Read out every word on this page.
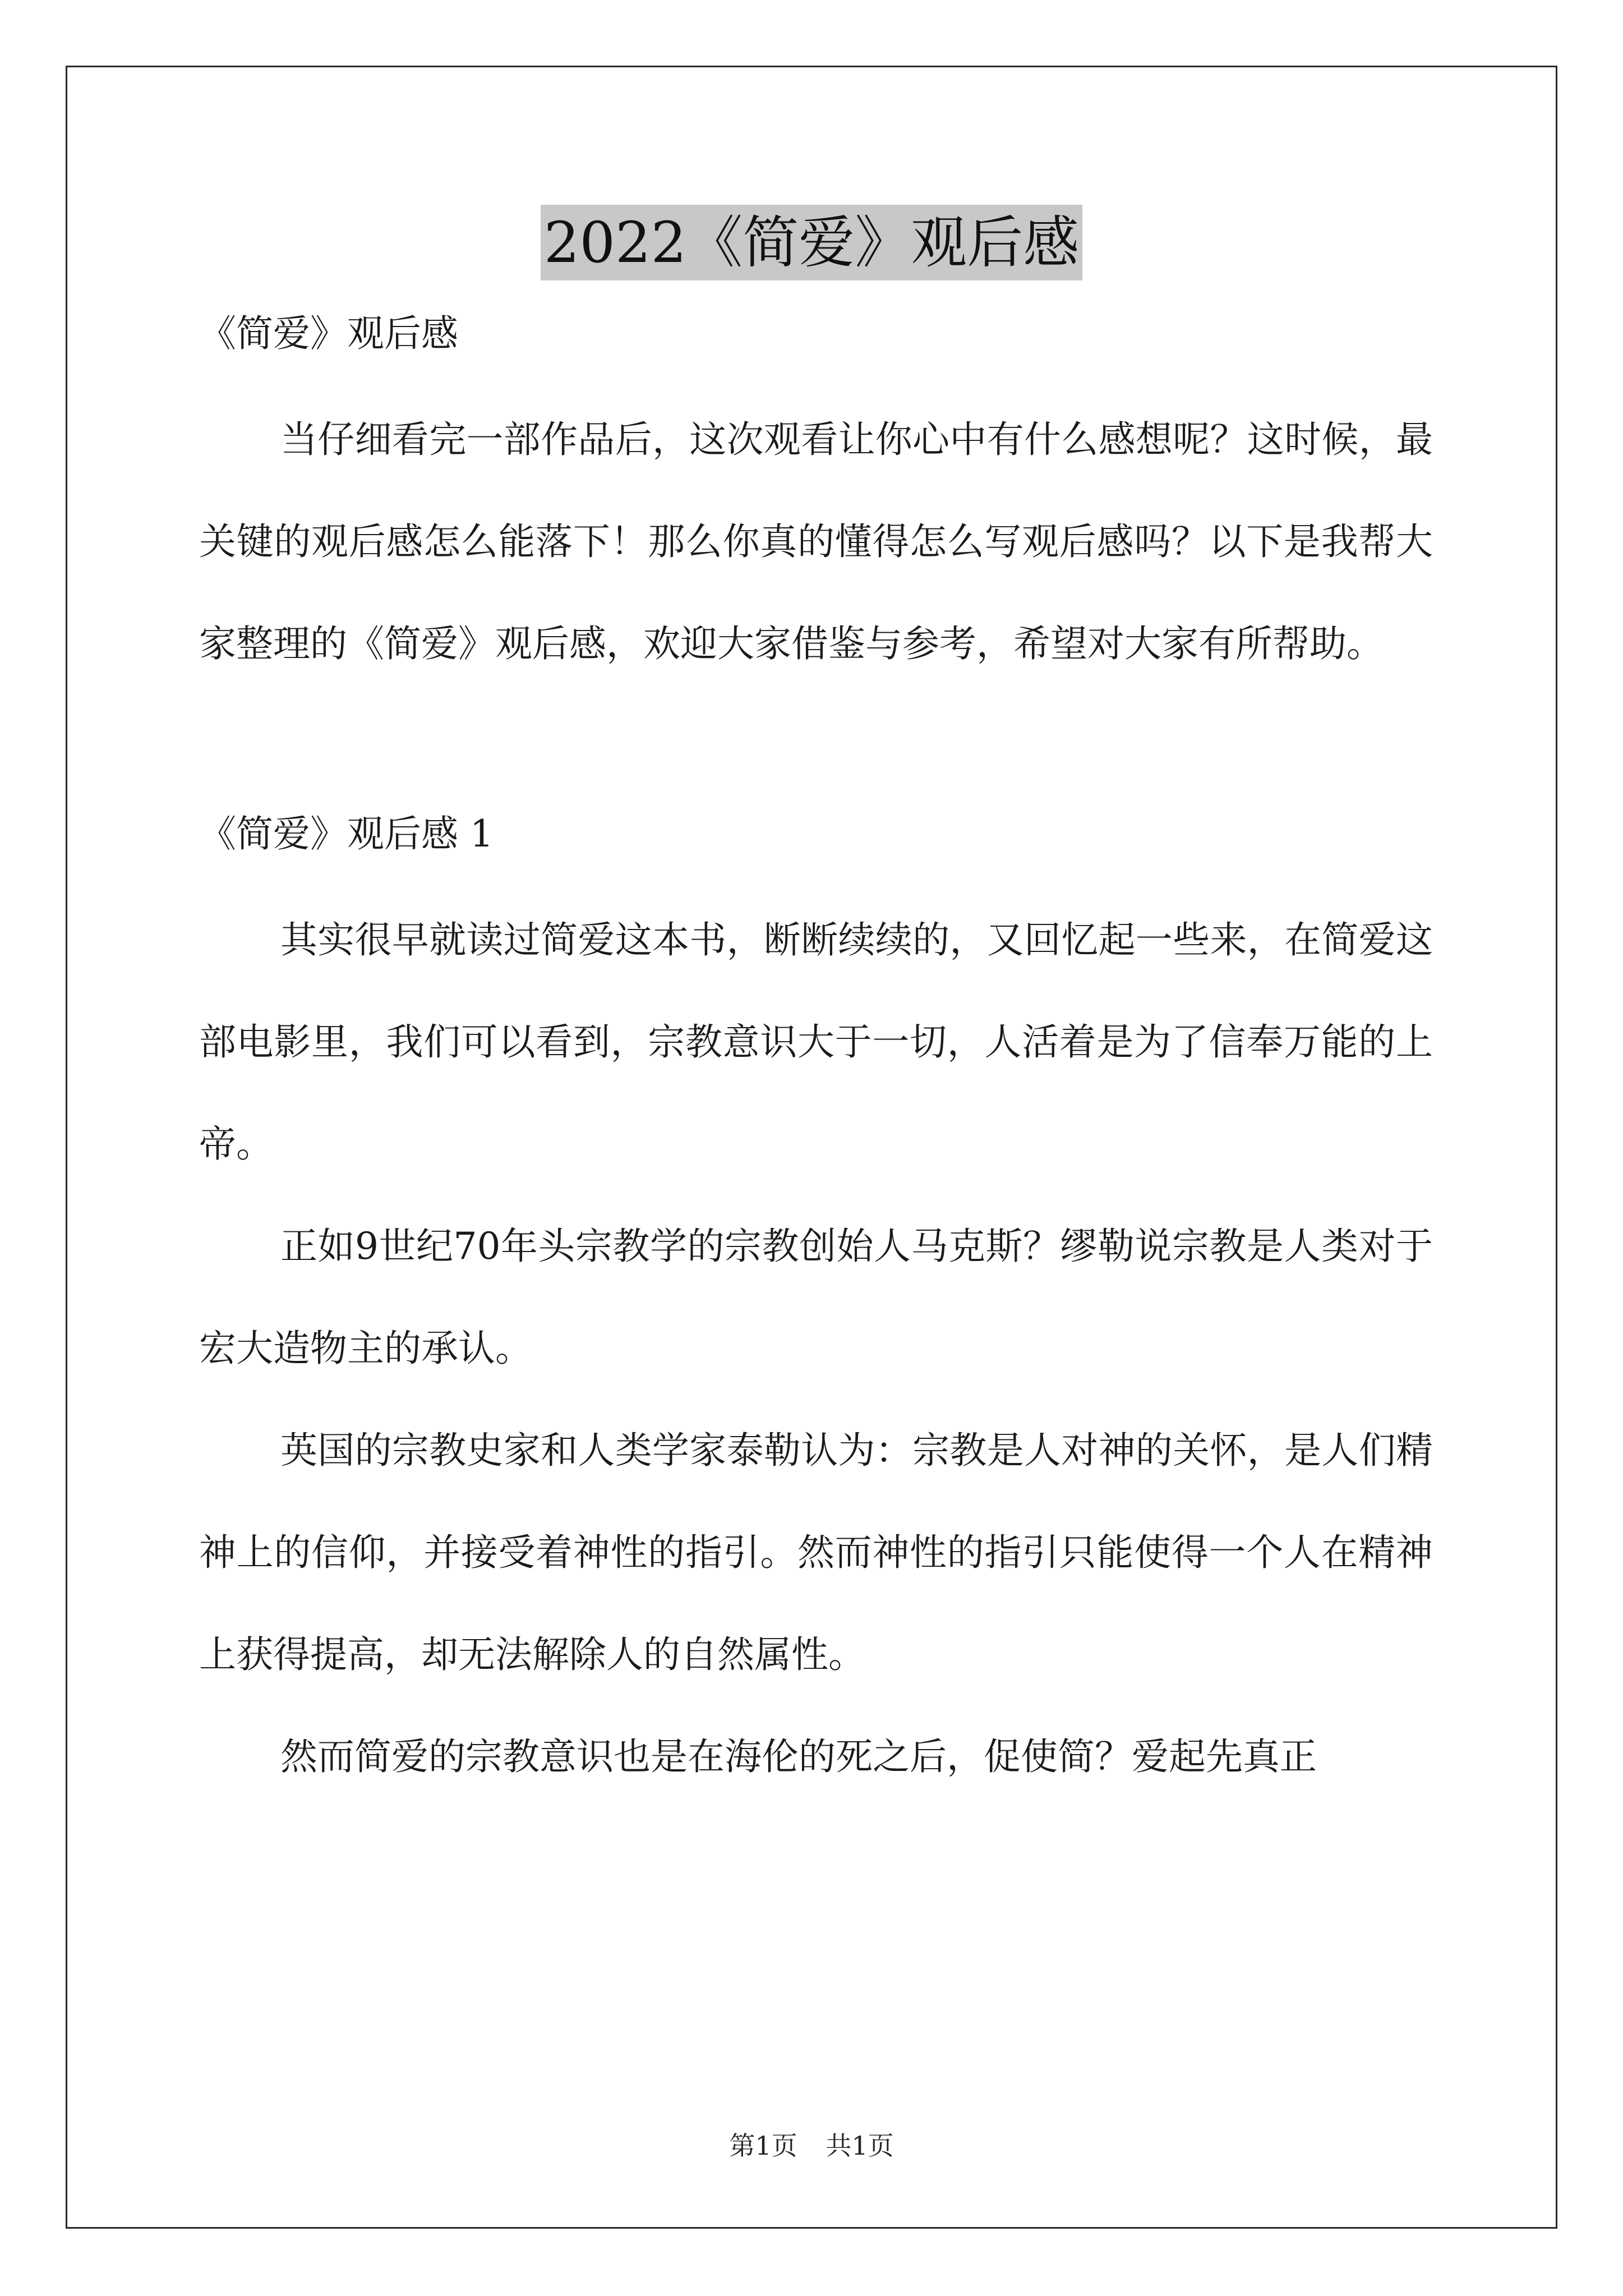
2022《简爱》观后感

《简爱》观后感

当仔细看完一部作品后，这次观看让你心中有什么感想呢？这时候，最关键的观后感怎么能落下！那么你真的懂得怎么写观后感吗？以下是我帮大家整理的《简爱》观后感，欢迎大家借鉴与参考，希望对大家有所帮助。

《简爱》观后感 1

其实很早就读过简爱这本书，断断续续的，又回忆起一些来，在简爱这部电影里，我们可以看到，宗教意识大于一切，人活着是为了信奉万能的上帝。

正如9世纪70年头宗教学的宗教创始人马克斯？缪勒说宗教是人类对于宏大造物主的承认。

英国的宗教史家和人类学家泰勒认为：宗教是人对神的关怀，是人们精神上的信仰，并接受着神性的指引。然而神性的指引只能使得一个人在精神上获得提高，却无法解除人的自然属性。

然而简爱的宗教意识也是在海伦的死之后，促使简？爱起先真正

第1页 共1页
